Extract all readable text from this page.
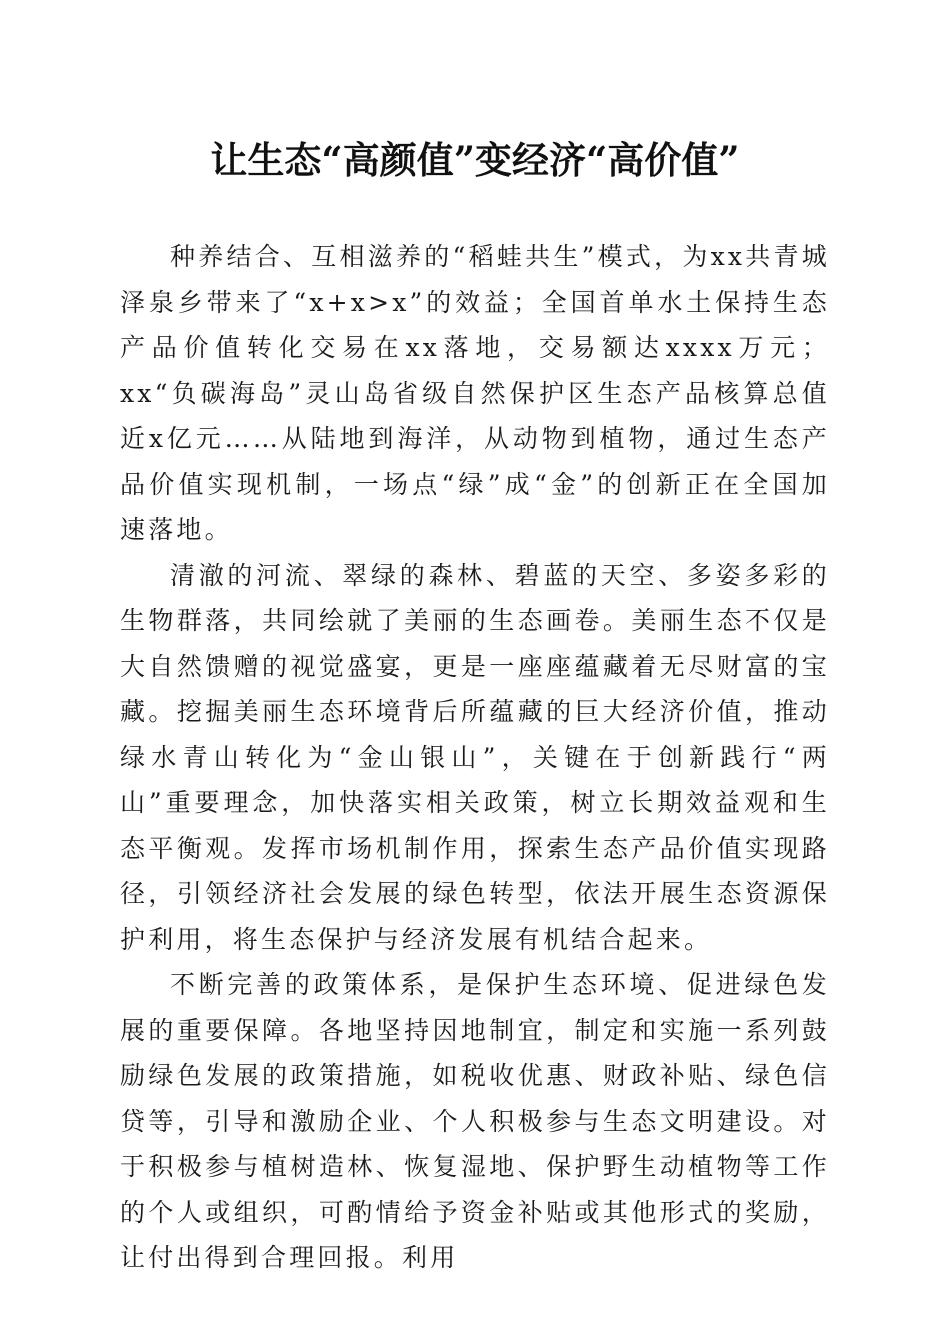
让生态“高颜值”变经济“高价值”

种养结合、互相滋养的“稻蛙共生”模式，为xx共青城泽泉乡带来了“x+x>x”的效益；全国首单水土保持生态产品价值转化交易在xx落地，交易额达xxxx万元；xx“负碳海岛”灵山岛省级自然保护区生态产品核算总值近x亿元……从陆地到海洋，从动物到植物，通过生态产品价值实现机制，一场点“绿”成“金”的创新正在全国加速落地。

清澈的河流、翠绿的森林、碧蓝的天空、多姿多彩的生物群落，共同绘就了美丽的生态画卷。美丽生态不仅是大自然馈赠的视觉盛宴，更是一座座蕴藏着无尽财富的宝藏。挖掘美丽生态环境背后所蕴藏的巨大经济价值，推动绿水青山转化为“金山银山”，关键在于创新践行“两山”重要理念，加快落实相关政策，树立长期效益观和生态平衡观。发挥市场机制作用，探索生态产品价值实现路径，引领经济社会发展的绿色转型，依法开展生态资源保护利用，将生态保护与经济发展有机结合起来。

不断完善的政策体系，是保护生态环境、促进绿色发展的重要保障。各地坚持因地制宜，制定和实施一系列鼓励绿色发展的政策措施，如税收优惠、财政补贴、绿色信贷等，引导和激励企业、个人积极参与生态文明建设。对于积极参与植树造林、恢复湿地、保护野生动植物等工作的个人或组织，可酌情给予资金补贴或其他形式的奖励，让付出得到合理回报。利用
